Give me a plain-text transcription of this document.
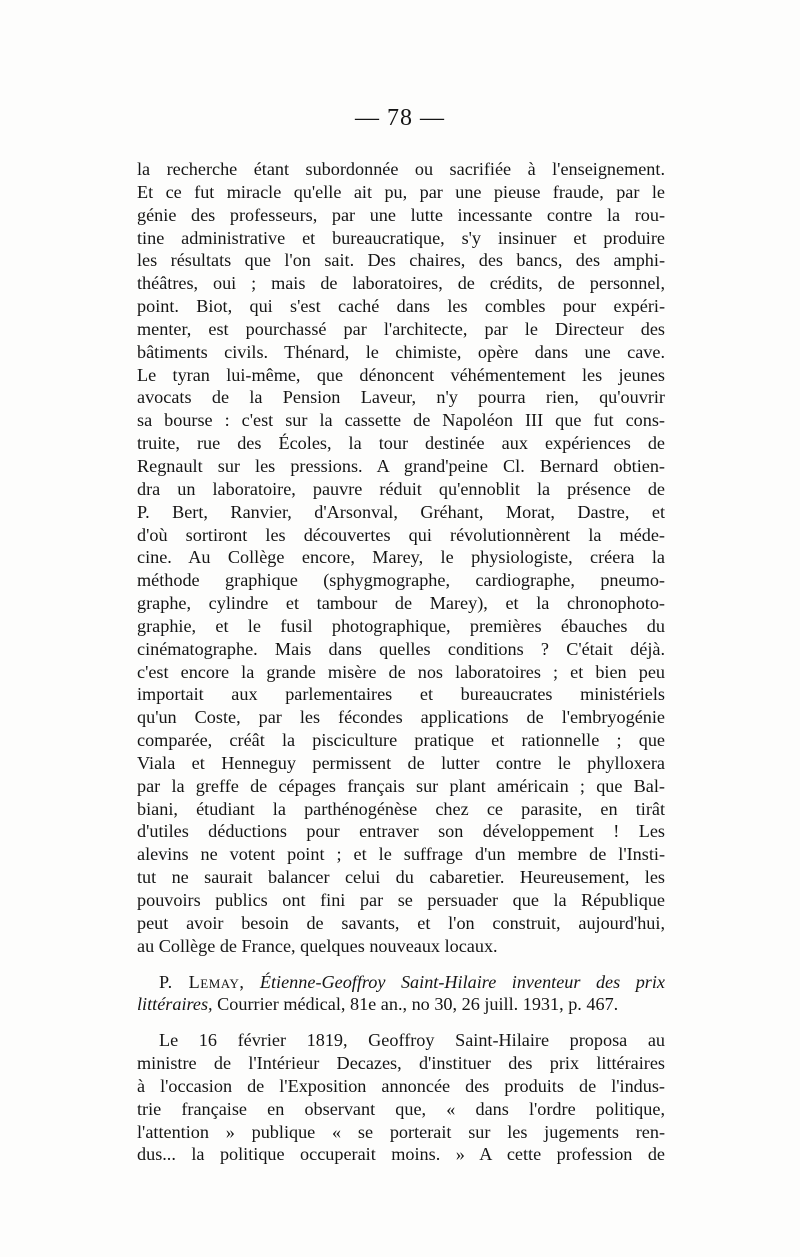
— 78 —
la recherche étant subordonnée ou sacrifiée à l'enseignement.
Et ce fut miracle qu'elle ait pu, par une pieuse fraude, par le
génie des professeurs, par une lutte incessante contre la rou-
tine administrative et bureaucratique, s'y insinuer et produire
les résultats que l'on sait. Des chaires, des bancs, des amphi-
théâtres, oui ; mais de laboratoires, de crédits, de personnel,
point. Biot, qui s'est caché dans les combles pour expéri-
menter, est pourchassé par l'architecte, par le Directeur des
bâtiments civils. Thénard, le chimiste, opère dans une cave.
Le tyran lui-même, que dénoncent véhémentement les jeunes
avocats de la Pension Laveur, n'y pourra rien, qu'ouvrir
sa bourse : c'est sur la cassette de Napoléon III que fut cons-
truite, rue des Écoles, la tour destinée aux expériences de
Regnault sur les pressions. A grand'peine Cl. Bernard obtien-
dra un laboratoire, pauvre réduit qu'ennoblit la présence de
P. Bert, Ranvier, d'Arsonval, Gréhant, Morat, Dastre, et
d'où sortiront les découvertes qui révolutionnèrent la méde-
cine. Au Collège encore, Marey, le physiologiste, créera la
méthode graphique (sphygmographe, cardiographe, pneumo-
graphe, cylindre et tambour de Marey), et la chronophoto-
graphie, et le fusil photographique, premières ébauches du
cinématographe. Mais dans quelles conditions ? C'était déjà.
c'est encore la grande misère de nos laboratoires ; et bien peu
importait aux parlementaires et bureaucrates ministériels
qu'un Coste, par les fécondes applications de l'embryogénie
comparée, créât la pisciculture pratique et rationnelle ; que
Viala et Henneguy permissent de lutter contre le phylloxera
par la greffe de cépages français sur plant américain ; que Bal-
biani, étudiant la parthénogénèse chez ce parasite, en tirât
d'utiles déductions pour entraver son développement ! Les
alevins ne votent point ; et le suffrage d'un membre de l'Insti-
tut ne saurait balancer celui du cabaretier. Heureusement, les
pouvoirs publics ont fini par se persuader que la République
peut avoir besoin de savants, et l'on construit, aujourd'hui,
au Collège de France, quelques nouveaux locaux.
P. Lemay, Étienne-Geoffroy Saint-Hilaire inventeur des prix
littéraires, Courrier médical, 81e an., no 30, 26 juill. 1931, p. 467.
Le 16 février 1819, Geoffroy Saint-Hilaire proposa au
ministre de l'Intérieur Decazes, d'instituer des prix littéraires
à l'occasion de l'Exposition annoncée des produits de l'indus-
trie française en observant que, « dans l'ordre politique,
l'attention » publique « se porterait sur les jugements ren-
dus... la politique occuperait moins. » A cette profession de
